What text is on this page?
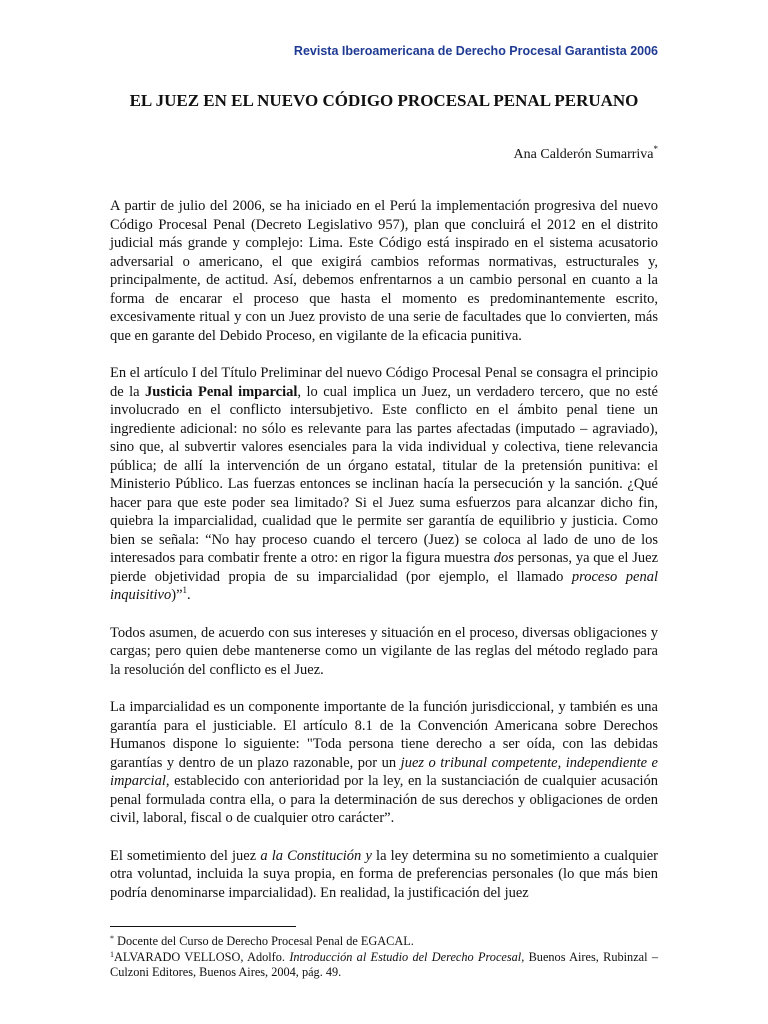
Revista Iberoamericana de Derecho Procesal Garantista 2006
EL JUEZ EN EL NUEVO CÓDIGO PROCESAL PENAL PERUANO
Ana Calderón Sumarriva*

A partir de julio del 2006, se ha iniciado en el Perú la implementación progresiva del nuevo Código Procesal Penal (Decreto Legislativo 957), plan que concluirá el 2012 en el distrito judicial más grande y complejo: Lima. Este Código está inspirado en el sistema acusatorio adversarial o americano, el que exigirá cambios reformas normativas, estructurales y, principalmente, de actitud. Así, debemos enfrentarnos a un cambio personal en cuanto a la forma de encarar el proceso que hasta el momento es predominantemente escrito, excesivamente ritual y con un Juez provisto de una serie de facultades que lo convierten, más que en garante del Debido Proceso, en vigilante de la eficacia punitiva.

En el artículo I del Título Preliminar del nuevo Código Procesal Penal se consagra el principio de la Justicia Penal imparcial, lo cual implica un Juez, un verdadero tercero, que no esté involucrado en el conflicto intersubjetivo. Este conflicto en el ámbito penal tiene un ingrediente adicional: no sólo es relevante para las partes afectadas (imputado – agraviado), sino que, al subvertir valores esenciales para la vida individual y colectiva, tiene relevancia pública; de allí la intervención de un órgano estatal, titular de la pretensión punitiva: el Ministerio Público. Las fuerzas entonces se inclinan hacía la persecución y la sanción. ¿Qué hacer para que este poder sea limitado? Si el Juez suma esfuerzos para alcanzar dicho fin, quiebra la imparcialidad, cualidad que le permite ser garantía de equilibrio y justicia. Como bien se señala: “No hay proceso cuando el tercero (Juez) se coloca al lado de uno de los interesados para combatir frente a otro: en rigor la figura muestra dos personas, ya que el Juez pierde objetividad propia de su imparcialidad (por ejemplo, el llamado proceso penal inquisitivo)”$^1$.

Todos asumen, de acuerdo con sus intereses y situación en el proceso, diversas obligaciones y cargas; pero quien debe mantenerse como un vigilante de las reglas del método reglado para la resolución del conflicto es el Juez.

La imparcialidad es un componente importante de la función jurisdiccional, y también es una garantía para el justiciable. El artículo 8.1 de la Convención Americana sobre Derechos Humanos dispone lo siguiente: "Toda persona tiene derecho a ser oída, con las debidas garantías y dentro de un plazo razonable, por un juez o tribunal competente, independiente e imparcial, establecido con anterioridad por la ley, en la sustanciación de cualquier acusación penal formulada contra ella, o para la determinación de sus derechos y obligaciones de orden civil, laboral, fiscal o de cualquier otro carácter”.

El sometimiento del juez a la Constitución y la ley determina su no sometimiento a cualquier otra voluntad, incluida la suya propia, en forma de preferencias personales (lo que más bien podría denominarse imparcialidad). En realidad, la justificación del juez

* Docente del Curso de Derecho Procesal Penal de EGACAL.

$^1$ALVARADO VELLOSO, Adolfo. Introducción al Estudio del Derecho Procesal, Buenos Aires, Rubinzal – Culzoni Editores, Buenos Aires, 2004, pág. 49.
